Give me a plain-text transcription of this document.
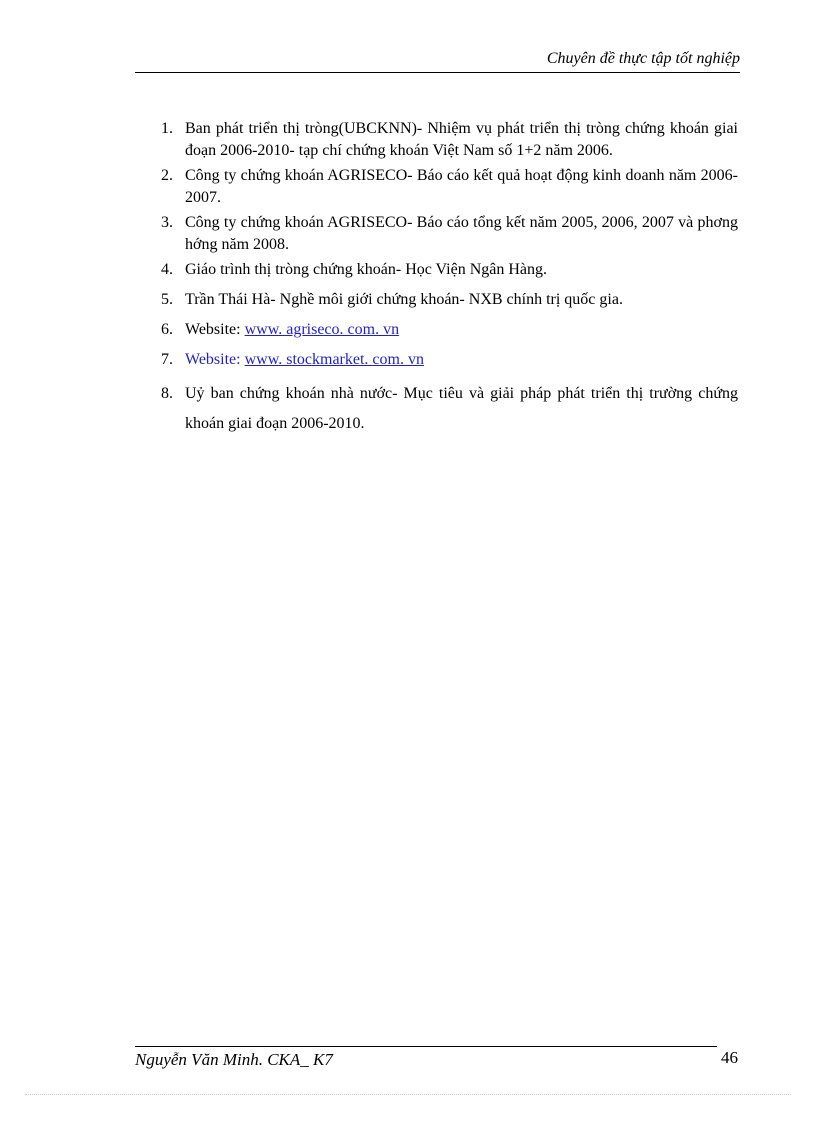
Chuyên đề thực tập tốt nghiệp
1. Ban phát triển thị tròng(UBCKNN)- Nhiệm vụ phát triển thị tròng chứng khoán giai đoạn 2006-2010- tạp chí chứng khoán Việt Nam số 1+2 năm 2006.
2. Công ty chứng khoán AGRISECO- Báo cáo kết quả hoạt động kinh doanh năm 2006-2007.
3. Công ty chứng khoán AGRISECO- Báo cáo tổng kết năm 2005, 2006, 2007 và phơng hớng năm 2008.
4. Giáo trình thị tròng chứng khoán- Học Viện Ngân Hàng.
5. Trần Thái Hà- Nghề môi giới chứng khoán- NXB chính trị quốc gia.
6. Website: www. agriseco. com. vn
7. Website: www. stockmarket. com. vn
8. Uỷ ban chứng khoán nhà nước- Mục tiêu và giải pháp phát triển thị trường chứng khoán giai đoạn 2006-2010.
Nguyễn Văn Minh. CKA_ K7	46
